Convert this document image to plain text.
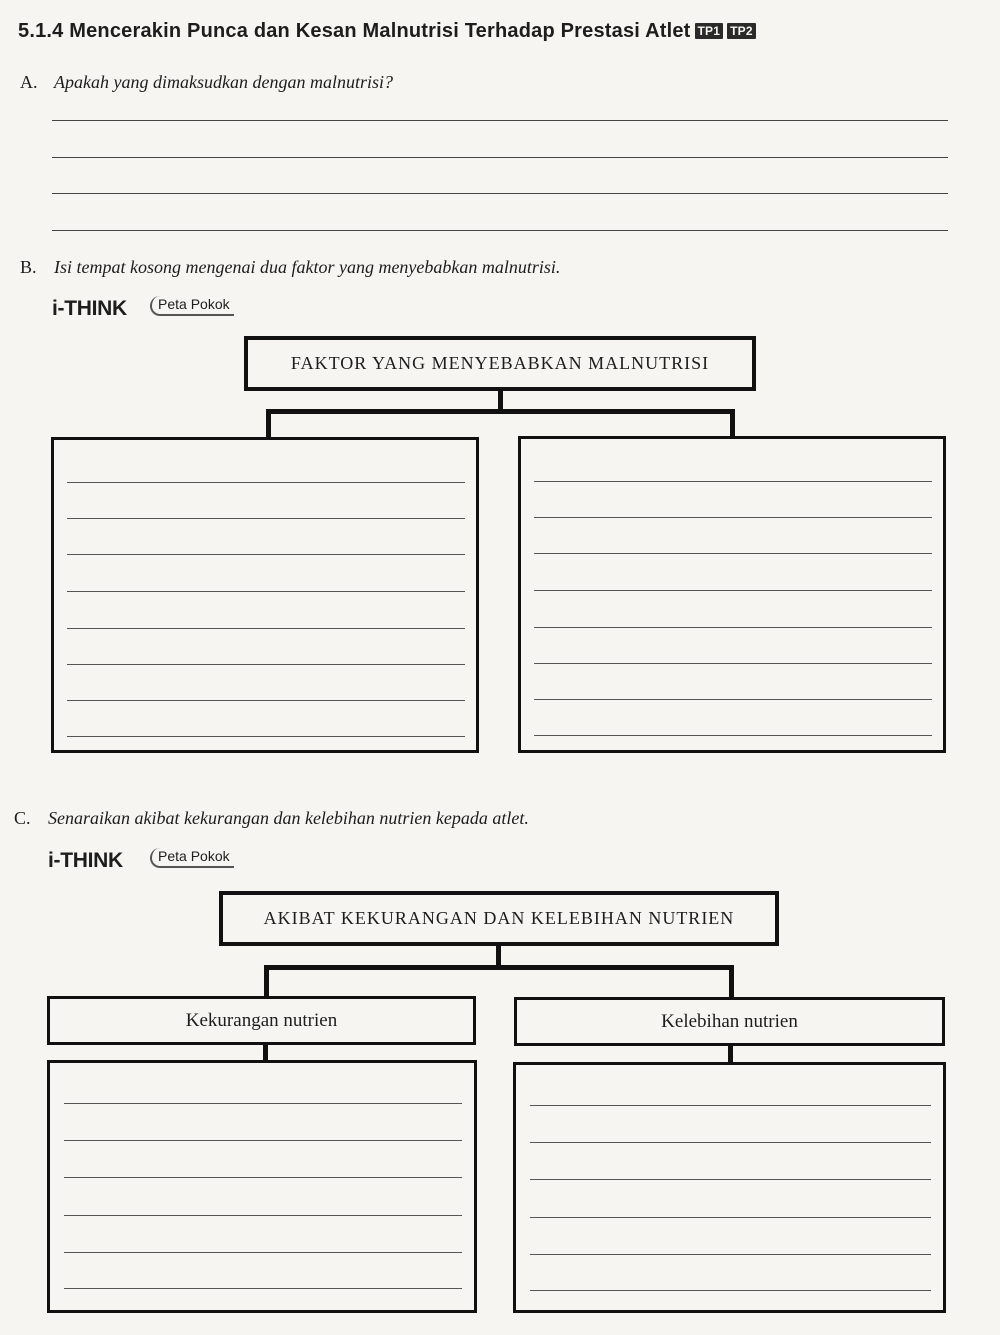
5.1.4 Mencerakin Punca dan Kesan Malnutrisi Terhadap Prestasi Atlet TP1 TP2
A. Apakah yang dimaksudkan dengan malnutrisi?
B. Isi tempat kosong mengenai dua faktor yang menyebabkan malnutrisi.
i-THINK	Peta Pokok
FAKTOR YANG MENYEBABKAN MALNUTRISI
C. Senaraikan akibat kekurangan dan kelebihan nutrien kepada atlet.
i-THINK	Peta Pokok
AKIBAT KEKURANGAN DAN KELEBIHAN NUTRIEN
Kekurangan nutrien	Kelebihan nutrien
